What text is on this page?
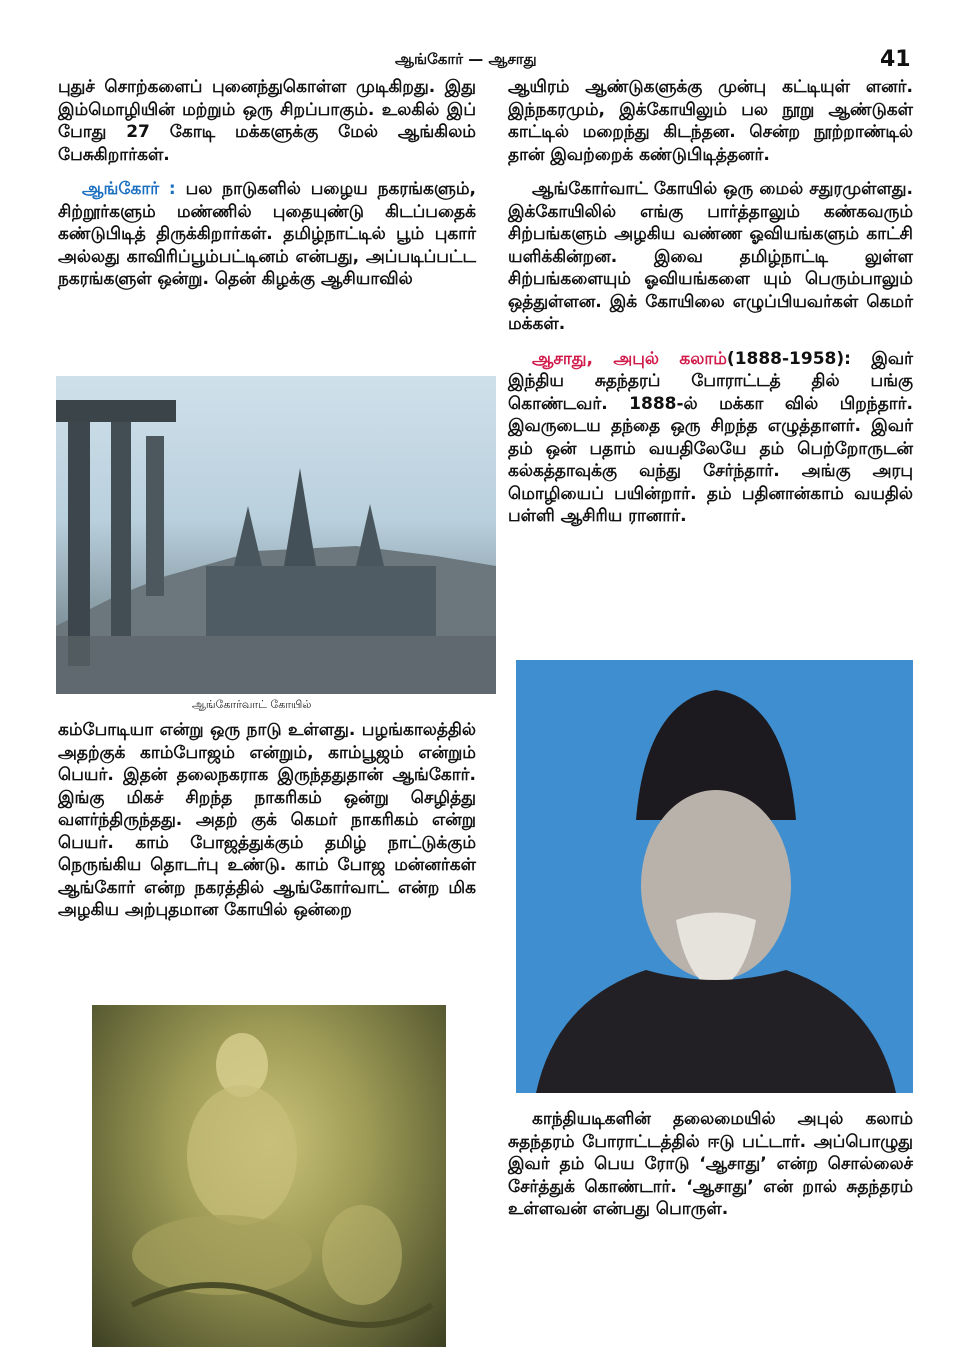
ஆங்கோர் — ஆசாது	41

புதுச் சொற்களைப் புனைந்துகொள்ள முடிகிறது. இது இம்மொழியின் மற்றும் ஒரு சிறப்பாகும். உலகில் இப் போது 27 கோடி மக்களுக்கு மேல் ஆங்கிலம் பேசுகிறார்கள்.

ஆங்கோர் : பல நாடுகளில் பழைய நகரங்களும், சிற்றூர்களும் மண்ணில் புதையுண்டு கிடப்பதைக் கண்டுபிடித் திருக்கிறார்கள். தமிழ்நாட்டில் பூம் புகார் அல்லது காவிரிப்பூம்பட்டினம் என்பது, அப்படிப்பட்ட நகரங்களுள் ஒன்று. தென் கிழக்கு ஆசியாவில்

ஆங்கோர்வாட் கோயில்

கம்போடியா என்று ஒரு நாடு உள்ளது. பழங்காலத்தில் அதற்குக் காம்போஜம் என்றும், காம்பூஜம் என்றும் பெயர். இதன் தலைநகராக இருந்ததுதான் ஆங்கோர். இங்கு மிகச் சிறந்த நாகரிகம் ஒன்று செழித்து வளர்ந்திருந்தது. அதற் குக் கெமர் நாகரிகம் என்று பெயர். காம் போஜத்துக்கும் தமிழ் நாட்டுக்கும் நெருங்கிய தொடர்பு உண்டு. காம் போஜ மன்னர்கள் ஆங்கோர் என்ற நகரத்தில் ஆங்கோர்வாட் என்ற மிக அழகிய அற்புதமான கோயில் ஒன்றை

ஆயிரம் ஆண்டுகளுக்கு முன்பு கட்டியுள் ளனர். இந்நகரமும், இக்கோயிலும் பல நூறு ஆண்டுகள் காட்டில் மறைந்து கிடந்தன. சென்ற நூற்றாண்டில் தான் இவற்றைக் கண்டுபிடித்தனர்.

ஆங்கோர்வாட் கோயில் ஒரு மைல் சதுரமுள்ளது. இக்கோயிலில் எங்கு பார்த்தாலும் கண்கவரும் சிற்பங்களும் அழகிய வண்ண ஓவியங்களும் காட்சி யளிக்கின்றன. இவை தமிழ்நாட்டி லுள்ள சிற்பங்களையும் ஓவியங்களை யும் பெரும்பாலும் ஒத்துள்ளன. இக் கோயிலை எழுப்பியவர்கள் கெமர் மக்கள்.

ஆசாது, அபுல் கலாம்(1888-1958): இவர் இந்திய சுதந்தரப் போராட்டத் தில் பங்கு கொண்டவர். 1888-ல் மக்கா வில் பிறந்தார். இவருடைய தந்தை ஒரு சிறந்த எழுத்தாளர். இவர் தம் ஒன் பதாம் வயதிலேயே தம் பெற்றோருடன் கல்கத்தாவுக்கு வந்து சேர்ந்தார். அங்கு அரபு மொழியைப் பயின்றார். தம் பதினான்காம் வயதில் பள்ளி ஆசிரிய ரானார்.

காந்தியடிகளின் தலைமையில் அபுல் கலாம் சுதந்தரம் போராட்டத்தில் ஈடு பட்டார். அப்பொழுது இவர் தம் பெய ரோடு ‘ஆசாது’ என்ற சொல்லைச் சேர்த்துக் கொண்டார். ‘ஆசாது’ என் றால் சுதந்தரம் உள்ளவன் என்பது பொருள்.
